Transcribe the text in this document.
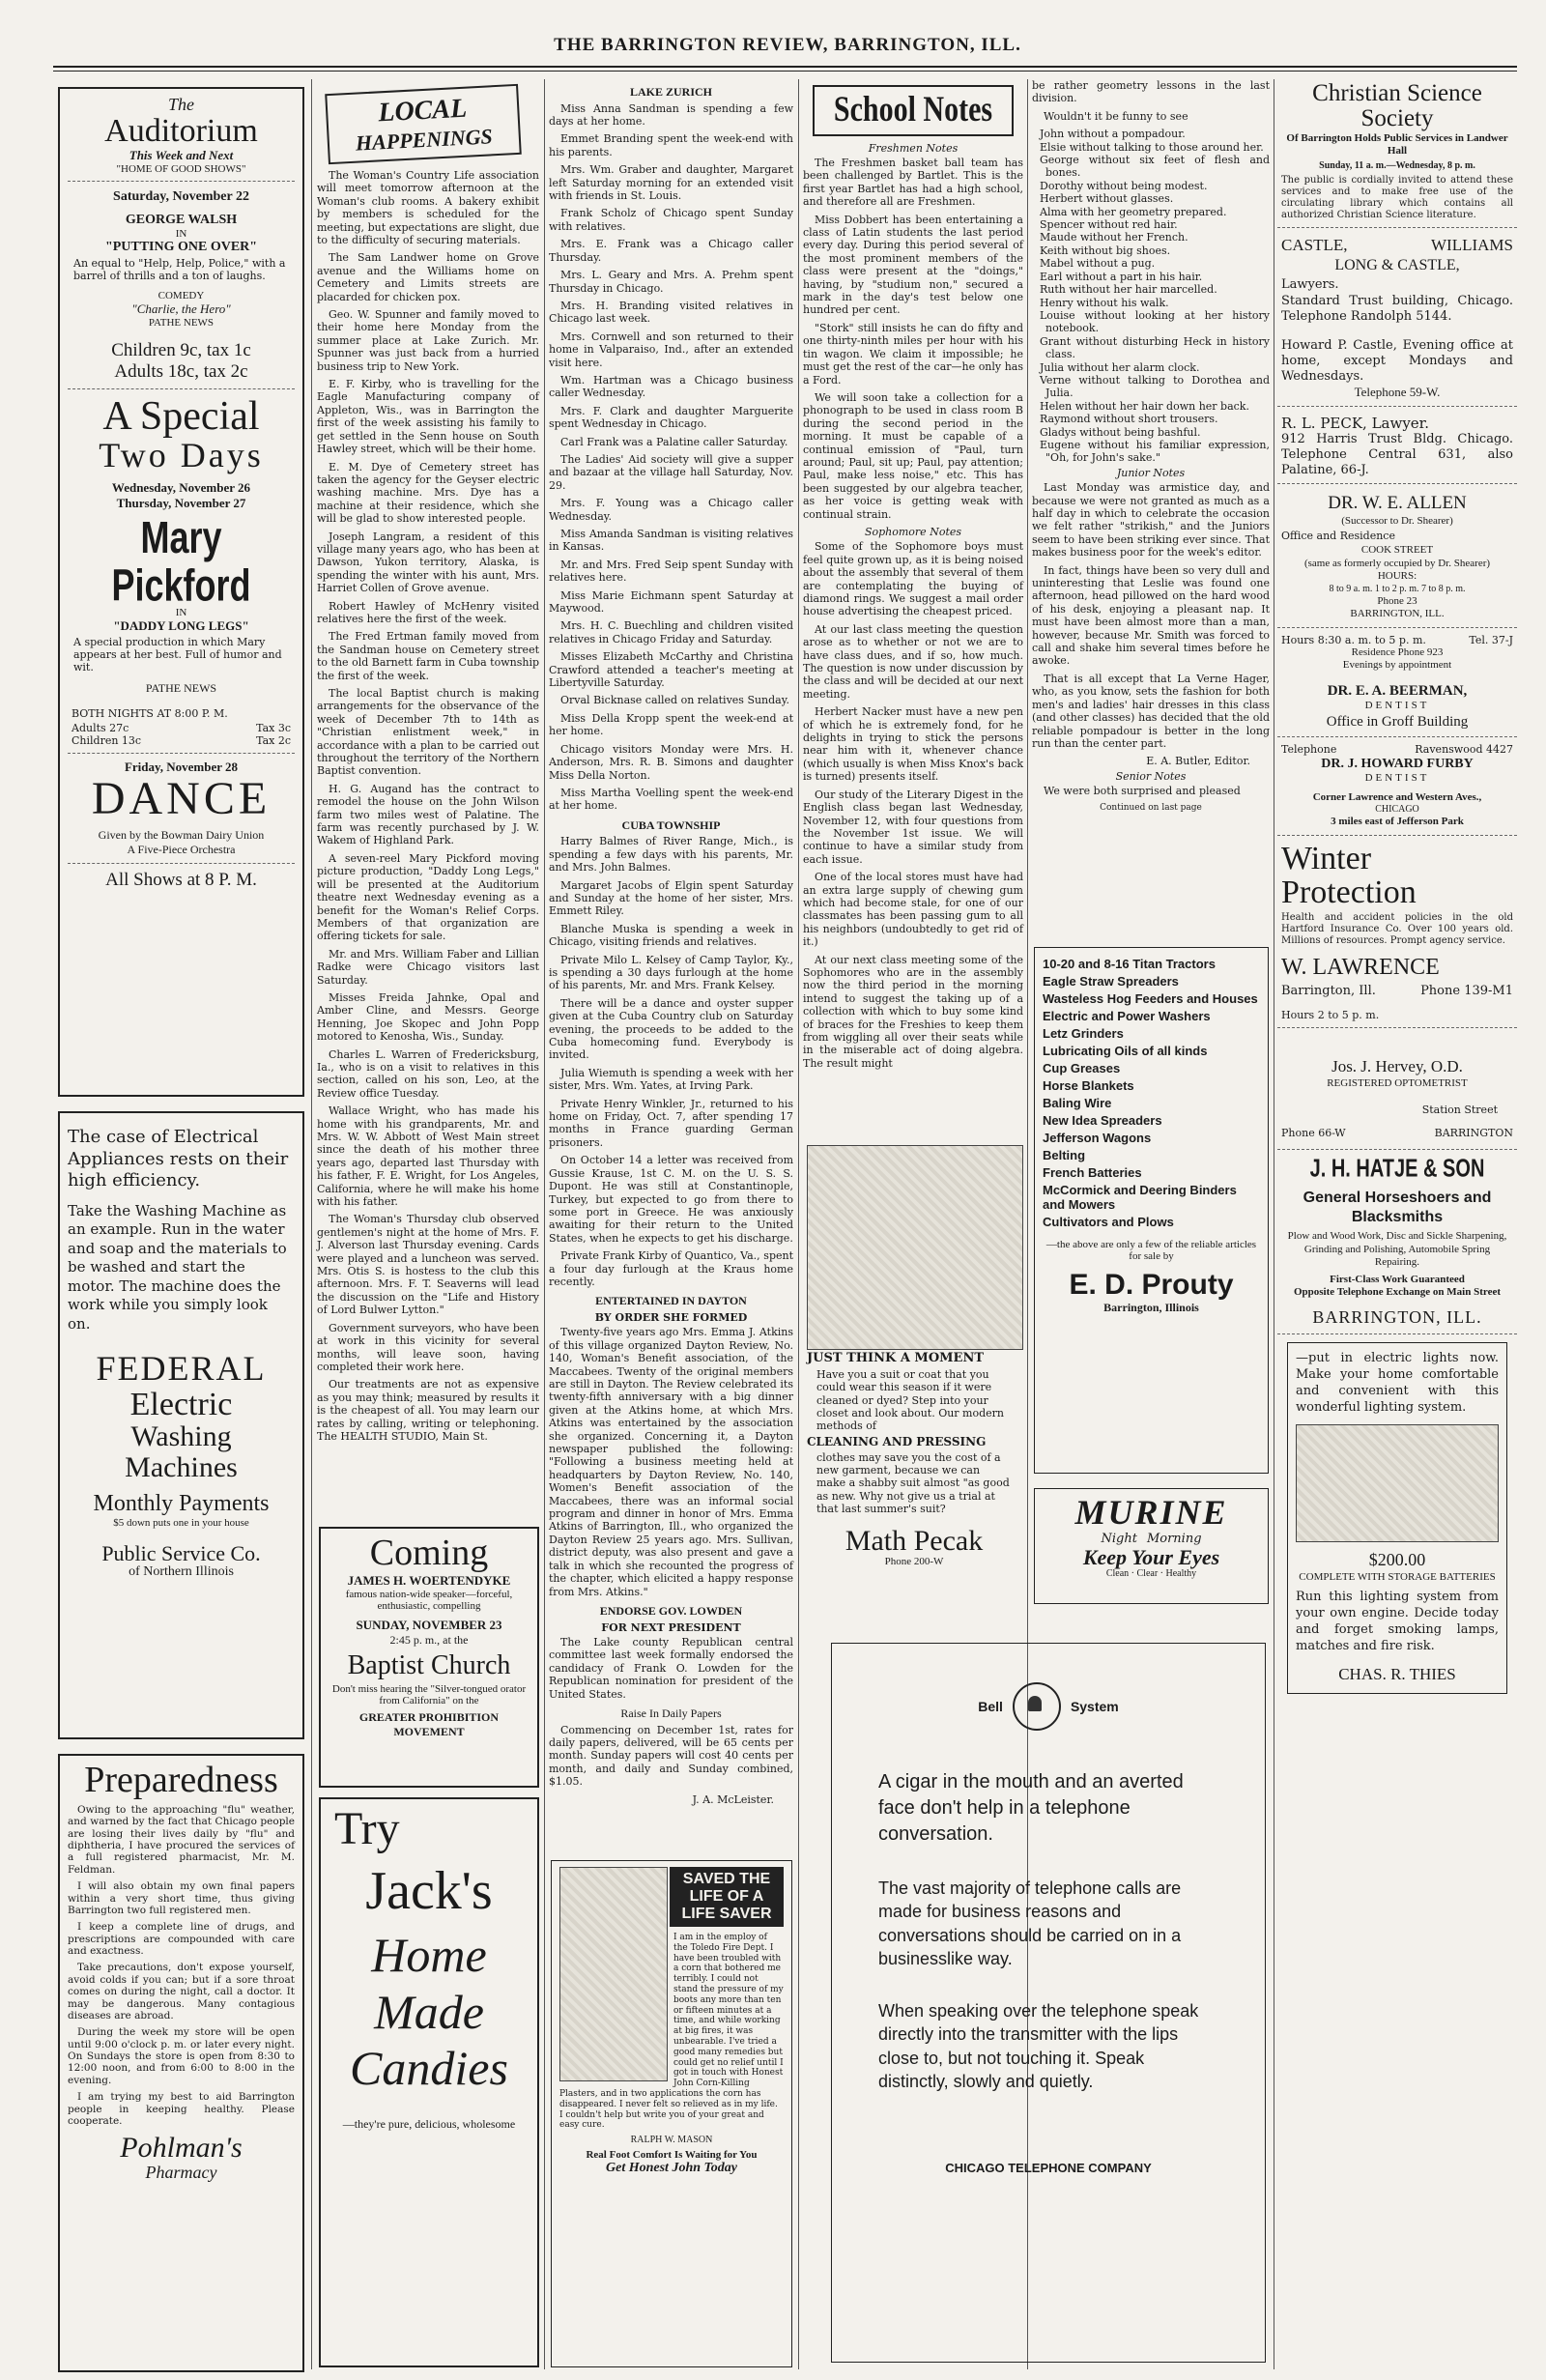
THE BARRINGTON REVIEW, BARRINGTON, ILL.
The
Auditorium
This Week and Next
"HOME OF GOOD SHOWS"
Saturday, November 22
GEORGE WALSH
IN
"PUTTING ONE OVER"
An equal to "Help, Help, Police," with a barrel of thrills and a ton of laughs.
COMEDY
"Charlie, the Hero"
PATHE NEWS
Children 9c, tax 1c
Adults 18c, tax 2c
A Special
Two Days
Wednesday, November 26
Thursday, November 27
Mary Pickford
IN
"DADDY LONG LEGS"
A special production in which Mary appears at her best. Full of humor and wit.
PATHE NEWS
BOTH NIGHTS AT 8:00 P. M.
Adults 27c	Tax 3c
Children 13c	Tax 2c
Friday, November 28
DANCE
Given by the Bowman Dairy Union
A Five-Piece Orchestra
All Shows at 8 P. M.
The case of Electrical Appliances rests on their high efficiency.
Take the Washing Machine as an example. Run in the water and soap and the materials to be washed and start the motor. The machine does the work while you simply look on.
FEDERAL
Electric
Washing
Machines
Monthly Payments
$5 down puts one in your house
Public Service Co.
of Northern Illinois
Preparedness

Owing to the approaching "flu" weather, and warned by the fact that Chicago people are losing their lives daily by "flu" and diphtheria, I have procured the services of a full registered pharmacist, Mr. M. Feldman.

I will also obtain my own final papers within a very short time, thus giving Barrington two full registered men.

I keep a complete line of drugs, and prescriptions are compounded with care and exactness.

Take precautions, don't expose yourself, avoid colds if you can; but if a sore throat comes on during the night, call a doctor. It may be dangerous. Many contagious diseases are abroad.

During the week my store will be open until 9:00 o'clock p. m. or later every night. On Sundays the store is open from 8:30 to 12:00 noon, and from 6:00 to 8:00 in the evening.

I am trying my best to aid Barrington people in keeping healthy. Please cooperate.

Pohlman's
Pharmacy
LOCAL
HAPPENINGS

The Woman's Country Life association will meet tomorrow afternoon at the Woman's club rooms. A bakery exhibit by members is scheduled for the meeting, but expectations are slight, due to the difficulty of securing materials.

The Sam Landwer home on Grove avenue and the Williams home on Cemetery and Limits streets are placarded for chicken pox.

Geo. W. Spunner and family moved to their home here Monday from the summer place at Lake Zurich. Mr. Spunner was just back from a hurried business trip to New York.

E. F. Kirby, who is travelling for the Eagle Manufacturing company of Appleton, Wis., was in Barrington the first of the week assisting his family to get settled in the Senn house on South Hawley street, which will be their home.

E. M. Dye of Cemetery street has taken the agency for the Geyser electric washing machine. Mrs. Dye has a machine at their residence, which she will be glad to show interested people.

Joseph Langram, a resident of this village many years ago, who has been at Dawson, Yukon territory, Alaska, is spending the winter with his aunt, Mrs. Harriet Collen of Grove avenue.

Robert Hawley of McHenry visited relatives here the first of the week.

The Fred Ertman family moved from the Sandman house on Cemetery street to the old Barnett farm in Cuba township the first of the week.

The local Baptist church is making arrangements for the observance of the week of December 7th to 14th as "Christian enlistment week," in accordance with a plan to be carried out throughout the territory of the Northern Baptist convention.

H. G. Augand has the contract to remodel the house on the John Wilson farm two miles west of Palatine. The farm was recently purchased by J. W. Wakem of Highland Park.

A seven-reel Mary Pickford moving picture production, "Daddy Long Legs," will be presented at the Auditorium theatre next Wednesday evening as a benefit for the Woman's Relief Corps. Members of that organization are offering tickets for sale.

Mr. and Mrs. William Faber and Lillian Radke were Chicago visitors last Saturday.

Misses Freida Jahnke, Opal and Amber Cline, and Messrs. George Henning, Joe Skopec and John Popp motored to Kenosha, Wis., Sunday.

Charles L. Warren of Fredericksburg, Ia., who is on a visit to relatives in this section, called on his son, Leo, at the Review office Tuesday.

Wallace Wright, who has made his home with his grandparents, Mr. and Mrs. W. W. Abbott of West Main street since the death of his mother three years ago, departed last Thursday with his father, F. E. Wright, for Los Angeles, California, where he will make his home with his father.

The Woman's Thursday club observed gentlemen's night at the home of Mrs. F. J. Alverson last Thursday evening. Cards were played and a luncheon was served. Mrs. Otis S. is hostess to the club this afternoon. Mrs. F. T. Seaverns will lead the discussion on the "Life and History of Lord Bulwer Lytton."

Government surveyors, who have been at work in this vicinity for several months, will leave soon, having completed their work here.

Our treatments are not as expensive as you may think; measured by results it is the cheapest of all. You may learn our rates by calling, writing or telephoning. The HEALTH STUDIO, Main St.

Coming
JAMES H. WOERTENDYKE
famous nation-wide speaker—forceful, enthusiastic, compelling
SUNDAY, NOVEMBER 23
2:45 p. m., at the
Baptist Church
Don't miss hearing the "Silver-tongued orator from California" on the
GREATER PROHIBITION MOVEMENT
Try
Jack's
Home
Made
Candies
—they're pure, delicious, wholesome
LAKE ZURICH

Miss Anna Sandman is spending a few days at her home.

Emmet Branding spent the week-end with his parents.

Mrs. Wm. Graber and daughter, Margaret left Saturday morning for an extended visit with friends in St. Louis.

Frank Scholz of Chicago spent Sunday with relatives.

Mrs. E. Frank was a Chicago caller Thursday.

Mrs. L. Geary and Mrs. A. Prehm spent Thursday in Chicago.

Mrs. H. Branding visited relatives in Chicago last week.

Mrs. Cornwell and son returned to their home in Valparaiso, Ind., after an extended visit here.

Wm. Hartman was a Chicago business caller Wednesday.

Mrs. F. Clark and daughter Marguerite spent Wednesday in Chicago.

Carl Frank was a Palatine caller Saturday.

The Ladies' Aid society will give a supper and bazaar at the village hall Saturday, Nov. 29.

Mrs. F. Young was a Chicago caller Wednesday.

Miss Amanda Sandman is visiting relatives in Kansas.

Mr. and Mrs. Fred Seip spent Sunday with relatives here.

Miss Marie Eichmann spent Saturday at Maywood.

Mrs. H. C. Buechling and children visited relatives in Chicago Friday and Saturday.

Misses Elizabeth McCarthy and Christina Crawford attended a teacher's meeting at Libertyville Saturday.

Orval Bicknase called on relatives Sunday.

Miss Della Kropp spent the week-end at her home.

Chicago visitors Monday were Mrs. H. Anderson, Mrs. R. B. Simons and daughter Miss Della Norton.

Miss Martha Voelling spent the week-end at her home.

CUBA TOWNSHIP

Harry Balmes of River Range, Mich., is spending a few days with his parents, Mr. and Mrs. John Balmes.

Margaret Jacobs of Elgin spent Saturday and Sunday at the home of her sister, Mrs. Emmett Riley.

Blanche Muska is spending a week in Chicago, visiting friends and relatives.

Private Milo L. Kelsey of Camp Taylor, Ky., is spending a 30 days furlough at the home of his parents, Mr. and Mrs. Frank Kelsey.

There will be a dance and oyster supper given at the Cuba Country club on Saturday evening, the proceeds to be added to the Cuba homecoming fund. Everybody is invited.

Julia Wiemuth is spending a week with her sister, Mrs. Wm. Yates, at Irving Park.

Private Henry Winkler, Jr., returned to his home on Friday, Oct. 7, after spending 17 months in France guarding German prisoners.

On October 14 a letter was received from Gussie Krause, 1st C. M. on the U. S. S. Dupont. He was still at Constantinople, Turkey, but expected to go from there to some port in Greece. He was anxiously awaiting for their return to the United States, when he expects to get his discharge.

Private Frank Kirby of Quantico, Va., spent a four day furlough at the Kraus home recently.

ENTERTAINED IN DAYTON
BY ORDER SHE FORMED

Twenty-five years ago Mrs. Emma J. Atkins of this village organized Dayton Review, No. 140, Woman's Benefit association, of the Maccabees. Twenty of the original members are still in Dayton. The Review celebrated its twenty-fifth anniversary with a big dinner given at the Atkins home, at which Mrs. Atkins was entertained by the association she organized. Concerning it, a Dayton newspaper published the following: "Following a business meeting held at headquarters by Dayton Review, No. 140, Women's Benefit association of the Maccabees, there was an informal social program and dinner in honor of Mrs. Emma Atkins of Barrington, Ill., who organized the Dayton Review 25 years ago. Mrs. Sullivan, district deputy, was also present and gave a talk in which she recounted the progress of the chapter, which elicited a happy response from Mrs. Atkins."

ENDORSE GOV. LOWDEN
FOR NEXT PRESIDENT

The Lake county Republican central committee last week formally endorsed the candidacy of Frank O. Lowden for the Republican nomination for president of the United States.

Raise In Daily Papers

Commencing on December 1st, rates for daily papers, delivered, will be 65 cents per month. Sunday papers will cost 40 cents per month, and daily and Sunday combined, $1.05.

J. A. McLeister.
SAVED THE LIFE OF A LIFE SAVER
I am in the employ of the Toledo Fire Dept. I have been troubled with a corn that bothered me terribly. I could not stand the pressure of my boots any more than ten or fifteen minutes at a time, and while working at big fires, it was unbearable. I've tried a good many remedies but could get no relief until I got in touch with Honest John Corn-Killing Plasters, and in two applications the corn has disappeared. I never felt so relieved as in my life. I couldn't help but write you of your great and easy cure.
RALPH W. MASON
Real Foot Comfort Is Waiting for You
Get Honest John Today
School Notes
Freshmen Notes

The Freshmen basket ball team has been challenged by Bartlet. This is the first year Bartlet has had a high school, and therefore all are Freshmen.

Miss Dobbert has been entertaining a class of Latin students the last period every day. During this period several of the most prominent members of the class were present at the "doings," having, by "studium non," secured a mark in the day's test below one hundred per cent.

"Stork" still insists he can do fifty and one thirty-ninth miles per hour with his tin wagon. We claim it impossible; he must get the rest of the car—he only has a Ford.

We will soon take a collection for a phonograph to be used in class room B during the second period in the morning. It must be capable of a continual emission of "Paul, turn around; Paul, sit up; Paul, pay attention; Paul, make less noise," etc. This has been suggested by our algebra teacher, as her voice is getting weak with continual strain.

Sophomore Notes

Some of the Sophomore boys must feel quite grown up, as it is being noised about the assembly that several of them are contemplating the buying of diamond rings. We suggest a mail order house advertising the cheapest priced.

At our last class meeting the question arose as to whether or not we are to have class dues, and if so, how much. The question is now under discussion by the class and will be decided at our next meeting.

Herbert Nacker must have a new pen of which he is extremely fond, for he delights in trying to stick the persons near him with it, whenever chance (which usually is when Miss Knox's back is turned) presents itself.

Our study of the Literary Digest in the English class began last Wednesday, November 12, with four questions from the November 1st issue. We will continue to have a similar study from each issue.

One of the local stores must have had an extra large supply of chewing gum which had become stale, for one of our classmates has been passing gum to all his neighbors (undoubtedly to get rid of it.)

At our next class meeting some of the Sophomores who are in the assembly now the third period in the morning intend to suggest the taking up of a collection with which to buy some kind of braces for the Freshies to keep them from wiggling all over their seats while in the miserable act of doing algebra. The result might

JUST THINK A MOMENT
Have you a suit or coat that you could wear this season if it were cleaned or dyed? Step into your closet and look about. Our modern methods of
CLEANING AND PRESSING
clothes may save you the cost of a new garment, because we can make a shabby suit almost "as good as new. Why not give us a trial at that last summer's suit?
Math Pecak
Phone 200-W
Bell	System
A cigar in the mouth and an averted face don't help in a telephone conversation.
The vast majority of telephone calls are made for business reasons and conversations should be carried on in a businesslike way.
When speaking over the telephone speak directly into the transmitter with the lips close to, but not touching it. Speak distinctly, slowly and quietly.
CHICAGO TELEPHONE COMPANY

be rather geometry lessons in the last division.

Wouldn't it be funny to see

John without a pompadour.
Elsie without talking to those around her.
George without six feet of flesh and bones.
Dorothy without being modest.
Herbert without glasses.
Alma with her geometry prepared.
Spencer without red hair.
Maude without her French.
Keith without big shoes.
Mabel without a pug.
Earl without a part in his hair.
Ruth without her hair marcelled.
Henry without his walk.
Louise without looking at her history notebook.
Grant without disturbing Heck in history class.
Julia without her alarm clock.
Verne without talking to Dorothea and Julia.
Helen without her hair down her back.
Raymond without short trousers.
Gladys without being bashful.
Eugene without his familiar expression, "Oh, for John's sake."
Junior Notes

Last Monday was armistice day, and because we were not granted as much as a half day in which to celebrate the occasion we felt rather "strikish," and the Juniors seem to have been striking ever since. That makes business poor for the week's editor.

In fact, things have been so very dull and uninteresting that Leslie was found one afternoon, head pillowed on the hard wood of his desk, enjoying a pleasant nap. It must have been almost more than a man, however, because Mr. Smith was forced to call and shake him several times before he awoke.

That is all except that La Verne Hager, who, as you know, sets the fashion for both men's and ladies' hair dresses in this class (and other classes) has decided that the old reliable pompadour is better in the long run than the center part.

E. A. Butler, Editor.
Senior Notes

We were both surprised and pleased

Continued on last page
10-20 and 8-16 Titan Tractors
Eagle Straw Spreaders
Wasteless Hog Feeders and Houses
Electric and Power Washers
Letz Grinders
Lubricating Oils of all kinds
Cup Greases
Horse Blankets
Baling Wire
New Idea Spreaders
Jefferson Wagons
Belting
French Batteries
McCormick and Deering Binders and Mowers
Cultivators and Plows
—the above are only a few of the reliable articles for sale by
E. D. Prouty
Barrington, Illinois
MURINE
Night Morning
Keep Your Eyes
Clean · Clear · Healthy
Christian Science
Society
Of Barrington Holds Public Services in Landwer Hall
Sunday, 11 a. m.—Wednesday, 8 p. m.
The public is cordially invited to attend these services and to make free use of the circulating library which contains all authorized Christian Science literature.
CASTLE,	WILLIAMS
LONG & CASTLE,
Lawyers.
Standard Trust building, Chicago. Telephone Randolph 5144.
Howard P. Castle, Evening office at home, except Mondays and Wednesdays.
Telephone 59-W.
R. L. PECK, Lawyer.
912 Harris Trust Bldg. Chicago. Telephone Central 631, also Palatine, 66-J.
DR. W. E. ALLEN
(Successor to Dr. Shearer)
Office and Residence
COOK STREET
(same as formerly occupied by Dr. Shearer)
HOURS:
8 to 9 a. m. 1 to 2 p. m. 7 to 8 p. m.
Phone 23
BARRINGTON, ILL.
Hours 8:30 a. m. to 5 p. m.	Tel. 37-J
Residence Phone 923
Evenings by appointment
DR. E. A. BEERMAN,
DENTIST
Office in Groff Building
Telephone	Ravenswood 4427
DR. J. HOWARD FURBY
DENTIST
Corner Lawrence and Western Aves.,
CHICAGO
3 miles east of Jefferson Park
Winter
Protection
Health and accident policies in the old Hartford Insurance Co. Over 100 years old. Millions of resources. Prompt agency service.
W. LAWRENCE
Barrington, Ill.	Phone 139-M1
Hours 2 to 5 p. m.
Jos. J. Hervey, O.D.
REGISTERED OPTOMETRIST
Station Street
Phone 66-W	BARRINGTON
J. H. HATJE & SON
General Horseshoers and Blacksmiths
Plow and Wood Work, Disc and Sickle Sharpening, Grinding and Polishing, Automobile Spring Repairing.
First-Class Work Guaranteed
Opposite Telephone Exchange on Main Street
BARRINGTON, ILL.
—put in electric lights now. Make your home comfortable and convenient with this wonderful lighting system.
$200.00
COMPLETE WITH STORAGE BATTERIES
Run this lighting system from your own engine. Decide today and forget smoking lamps, matches and fire risk.
CHAS. R. THIES
